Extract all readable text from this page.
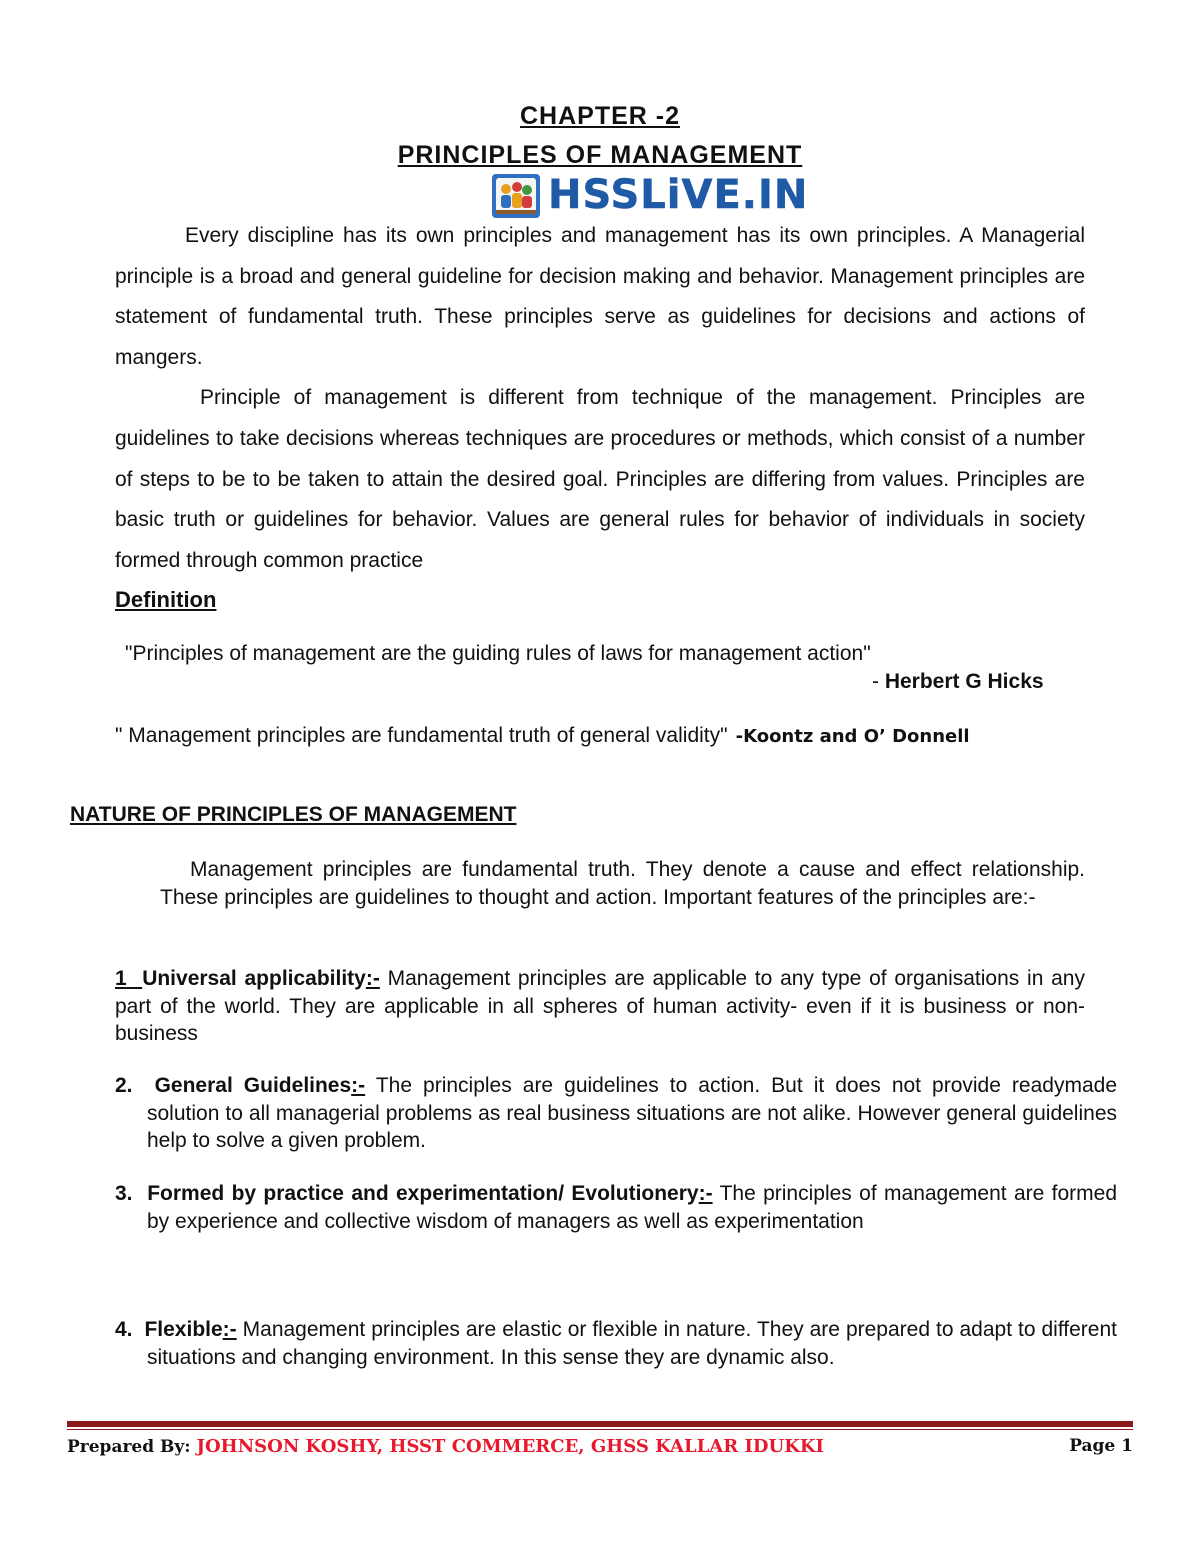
CHAPTER -2
PRINCIPLES OF MANAGEMENT
HSSLiVE.IN

Every discipline has its own principles and management has its own principles. A Managerial principle is a broad and general guideline for decision making and behavior. Management principles are statement of fundamental truth. These principles serve as guidelines for decisions and actions of mangers.

Principle of management is different from technique of the management. Principles are guidelines to take decisions whereas techniques are procedures or methods, which consist of a number of steps to be to be taken to attain the desired goal. Principles are differing from values. Principles are basic truth or guidelines for behavior. Values are general rules for behavior of individuals in society formed through common practice

Definition
"Principles of management are the guiding rules of laws for management action"
- Herbert G Hicks
" Management principles are fundamental truth of general validity" -Koontz and O’ Donnell
NATURE OF PRINCIPLES OF MANAGEMENT

Management principles are fundamental truth. They denote a cause and effect relationship. These principles are guidelines to thought and action. Important features of the principles are:-

1 Universal applicability:- Management principles are applicable to any type of organisations in any part of the world. They are applicable in all spheres of human activity- even if it is business or non-business

2. General Guidelines:- The principles are guidelines to action. But it does not provide readymade solution to all managerial problems as real business situations are not alike. However general guidelines help to solve a given problem.

3. Formed by practice and experimentation/ Evolutionery:- The principles of management are formed by experience and collective wisdom of managers as well as experimentation

4. Flexible:- Management principles are elastic or flexible in nature. They are prepared to adapt to different situations and changing environment. In this sense they are dynamic also.

Prepared By: JOHNSON KOSHY, HSST COMMERCE, GHSS KALLAR IDUKKI	Page 1
